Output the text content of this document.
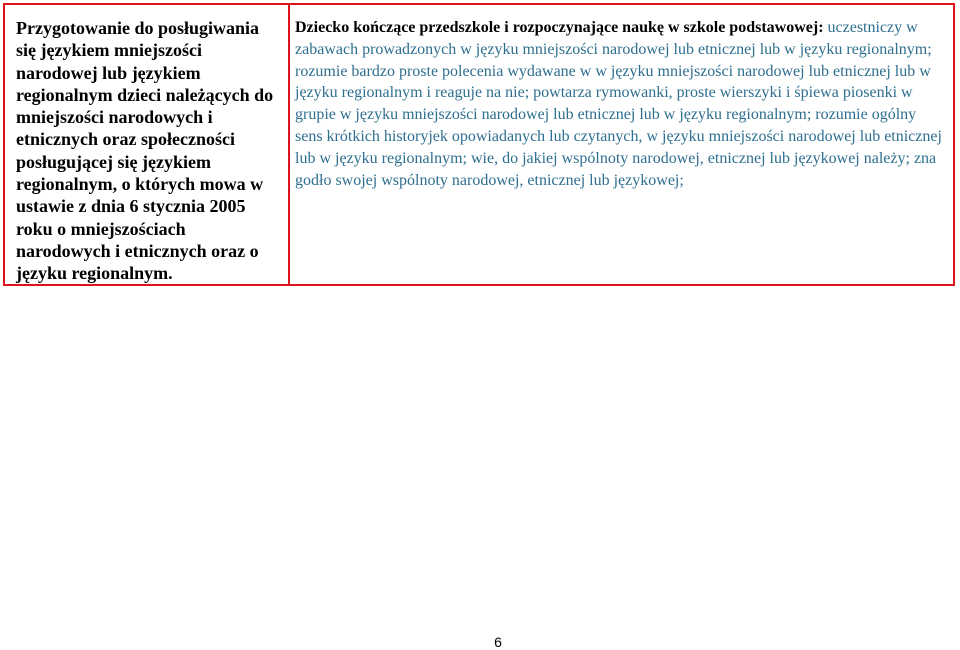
Przygotowanie do posługiwania się językiem mniejszości narodowej lub językiem regionalnym dzieci należących do mniejszości narodowych i etnicznych oraz społeczności posługującej się językiem regionalnym, o których mowa w ustawie z dnia 6 stycznia 2005 roku o mniejszościach narodowych i etnicznych oraz o języku regionalnym.

Dziecko kończące przedszkole i rozpoczynające naukę w szkole podstawowej: uczestniczy w zabawach prowadzonych w języku mniejszości narodowej lub etnicznej lub w języku regionalnym; rozumie bardzo proste polecenia wydawane w w języku mniejszości narodowej lub etnicznej lub w języku regionalnym i reaguje na nie; powtarza rymowanki, proste wierszyki i śpiewa piosenki w grupie w języku mniejszości narodowej lub etnicznej lub w języku regionalnym; rozumie ogólny sens krótkich historyjek opowiadanych lub czytanych, w języku mniejszości narodowej lub etnicznej lub w języku regionalnym; wie, do jakiej wspólnoty narodowej, etnicznej lub językowej należy; zna godło swojej wspólnoty narodowej, etnicznej lub językowej;

6
